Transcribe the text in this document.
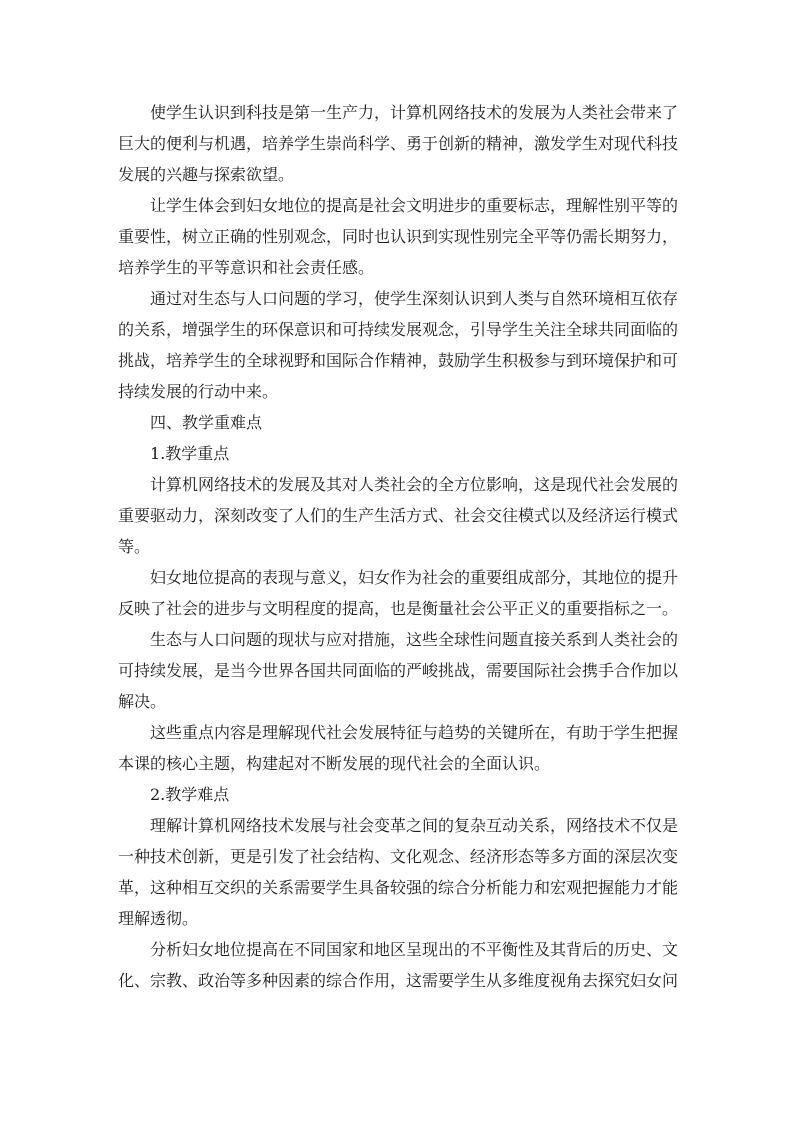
使学生认识到科技是第一生产力，计算机网络技术的发展为人类社会带来了巨大的便利与机遇，培养学生崇尚科学、勇于创新的精神，激发学生对现代科技发展的兴趣与探索欲望。

让学生体会到妇女地位的提高是社会文明进步的重要标志，理解性别平等的重要性，树立正确的性别观念，同时也认识到实现性别完全平等仍需长期努力，培养学生的平等意识和社会责任感。

通过对生态与人口问题的学习，使学生深刻认识到人类与自然环境相互依存的关系，增强学生的环保意识和可持续发展观念，引导学生关注全球共同面临的挑战，培养学生的全球视野和国际合作精神，鼓励学生积极参与到环境保护和可持续发展的行动中来。

四、教学重难点

1.教学重点

计算机网络技术的发展及其对人类社会的全方位影响，这是现代社会发展的重要驱动力，深刻改变了人们的生产生活方式、社会交往模式以及经济运行模式等。

妇女地位提高的表现与意义，妇女作为社会的重要组成部分，其地位的提升反映了社会的进步与文明程度的提高，也是衡量社会公平正义的重要指标之一。

生态与人口问题的现状与应对措施，这些全球性问题直接关系到人类社会的可持续发展，是当今世界各国共同面临的严峻挑战，需要国际社会携手合作加以解决。

这些重点内容是理解现代社会发展特征与趋势的关键所在，有助于学生把握本课的核心主题，构建起对不断发展的现代社会的全面认识。

2.教学难点

理解计算机网络技术发展与社会变革之间的复杂互动关系，网络技术不仅是一种技术创新，更是引发了社会结构、文化观念、经济形态等多方面的深层次变革，这种相互交织的关系需要学生具备较强的综合分析能力和宏观把握能力才能理解透彻。

分析妇女地位提高在不同国家和地区呈现出的不平衡性及其背后的历史、文化、宗教、政治等多种因素的综合作用，这需要学生从多维度视角去探究妇女问
